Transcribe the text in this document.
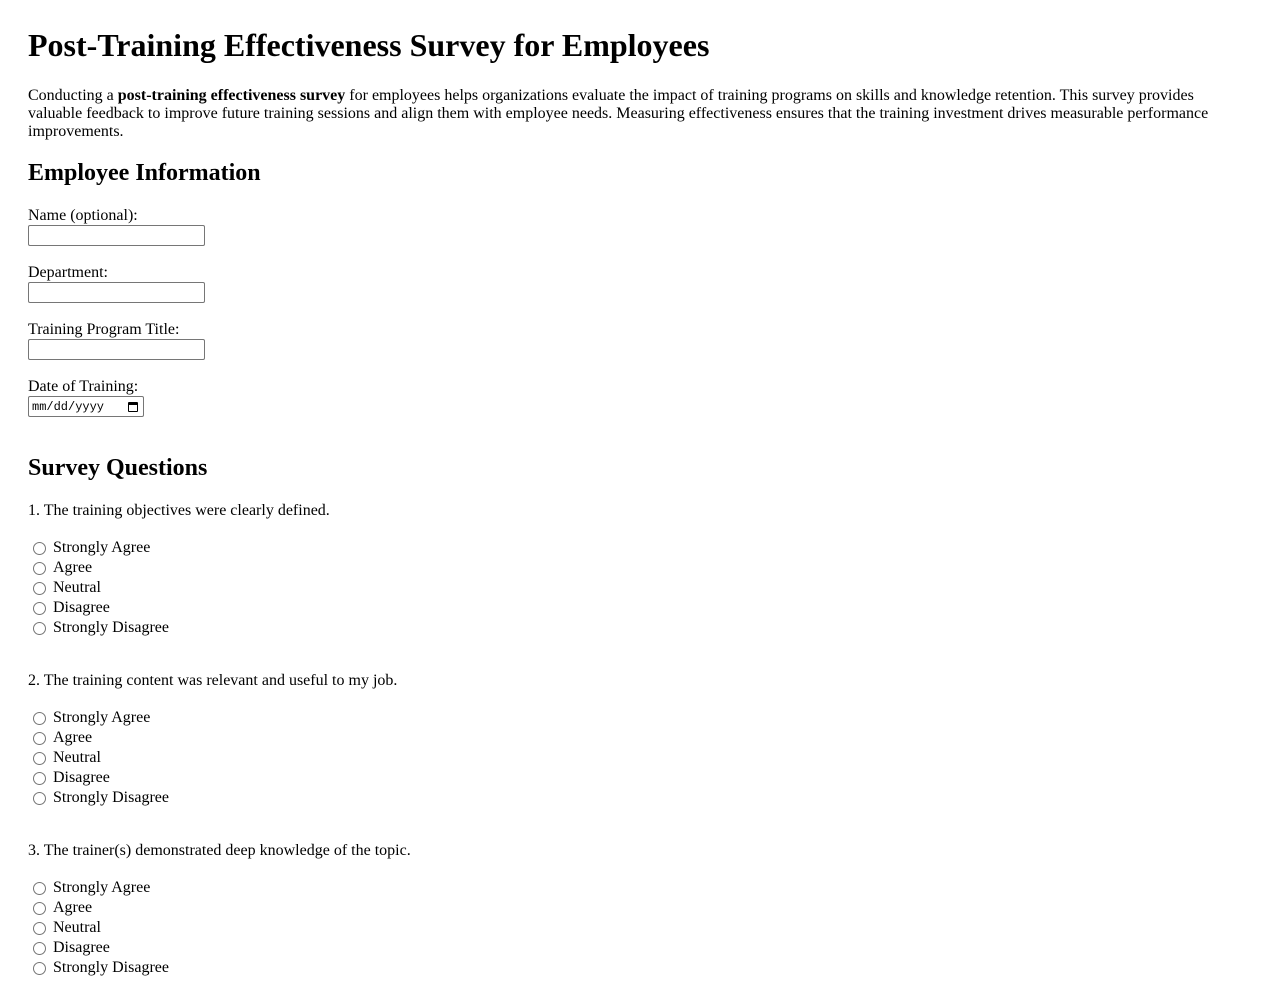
Post-Training Effectiveness Survey for Employees

Conducting a post-training effectiveness survey for employees helps organizations evaluate the impact of training programs on skills and knowledge retention. This survey provides valuable feedback to improve future training sessions and align them with employee needs. Measuring effectiveness ensures that the training investment drives measurable performance improvements.

Employee Information
Name (optional):
Department:
Training Program Title:
Date of Training:
mm/dd/yyyy
Survey Questions
1. The training objectives were clearly defined.
Strongly Agree
Agree
Neutral
Disagree
Strongly Disagree
2. The training content was relevant and useful to my job.
Strongly Agree
Agree
Neutral
Disagree
Strongly Disagree
3. The trainer(s) demonstrated deep knowledge of the topic.
Strongly Agree
Agree
Neutral
Disagree
Strongly Disagree
